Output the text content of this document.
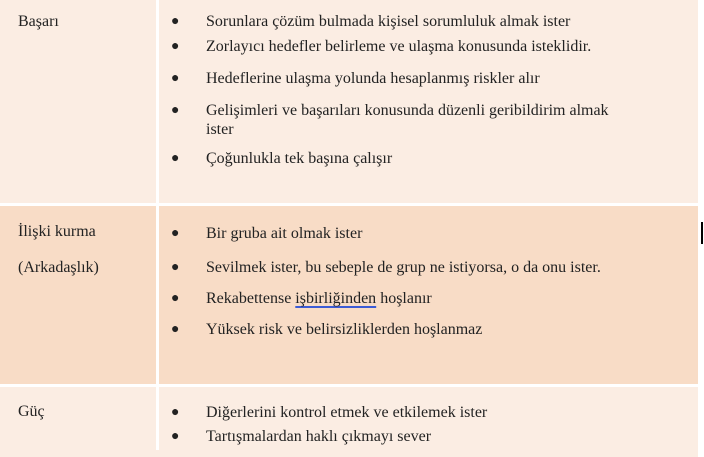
Başarı	● Sorunlara çözüm bulmada kişisel sorumluluk almak ister
● Zorlayıcı hedefler belirleme ve ulaşma konusunda isteklidir.
● Hedeflerine ulaşma yolunda hesaplanmış riskler alır
● Gelişimleri ve başarıları konusunda düzenli geribildirim almak ister
● Çoğunlukla tek başına çalışır
İlişki kurma
(Arkadaşlık)
● Bir gruba ait olmak ister
● Sevilmek ister, bu sebeple de grup ne istiyorsa, o da onu ister.
● Rekabettense işbirliğinden hoşlanır
● Yüksek risk ve belirsizliklerden hoşlanmaz
Güç	● Diğerlerini kontrol etmek ve etkilemek ister
● Tartışmalardan haklı çıkmayı sever
